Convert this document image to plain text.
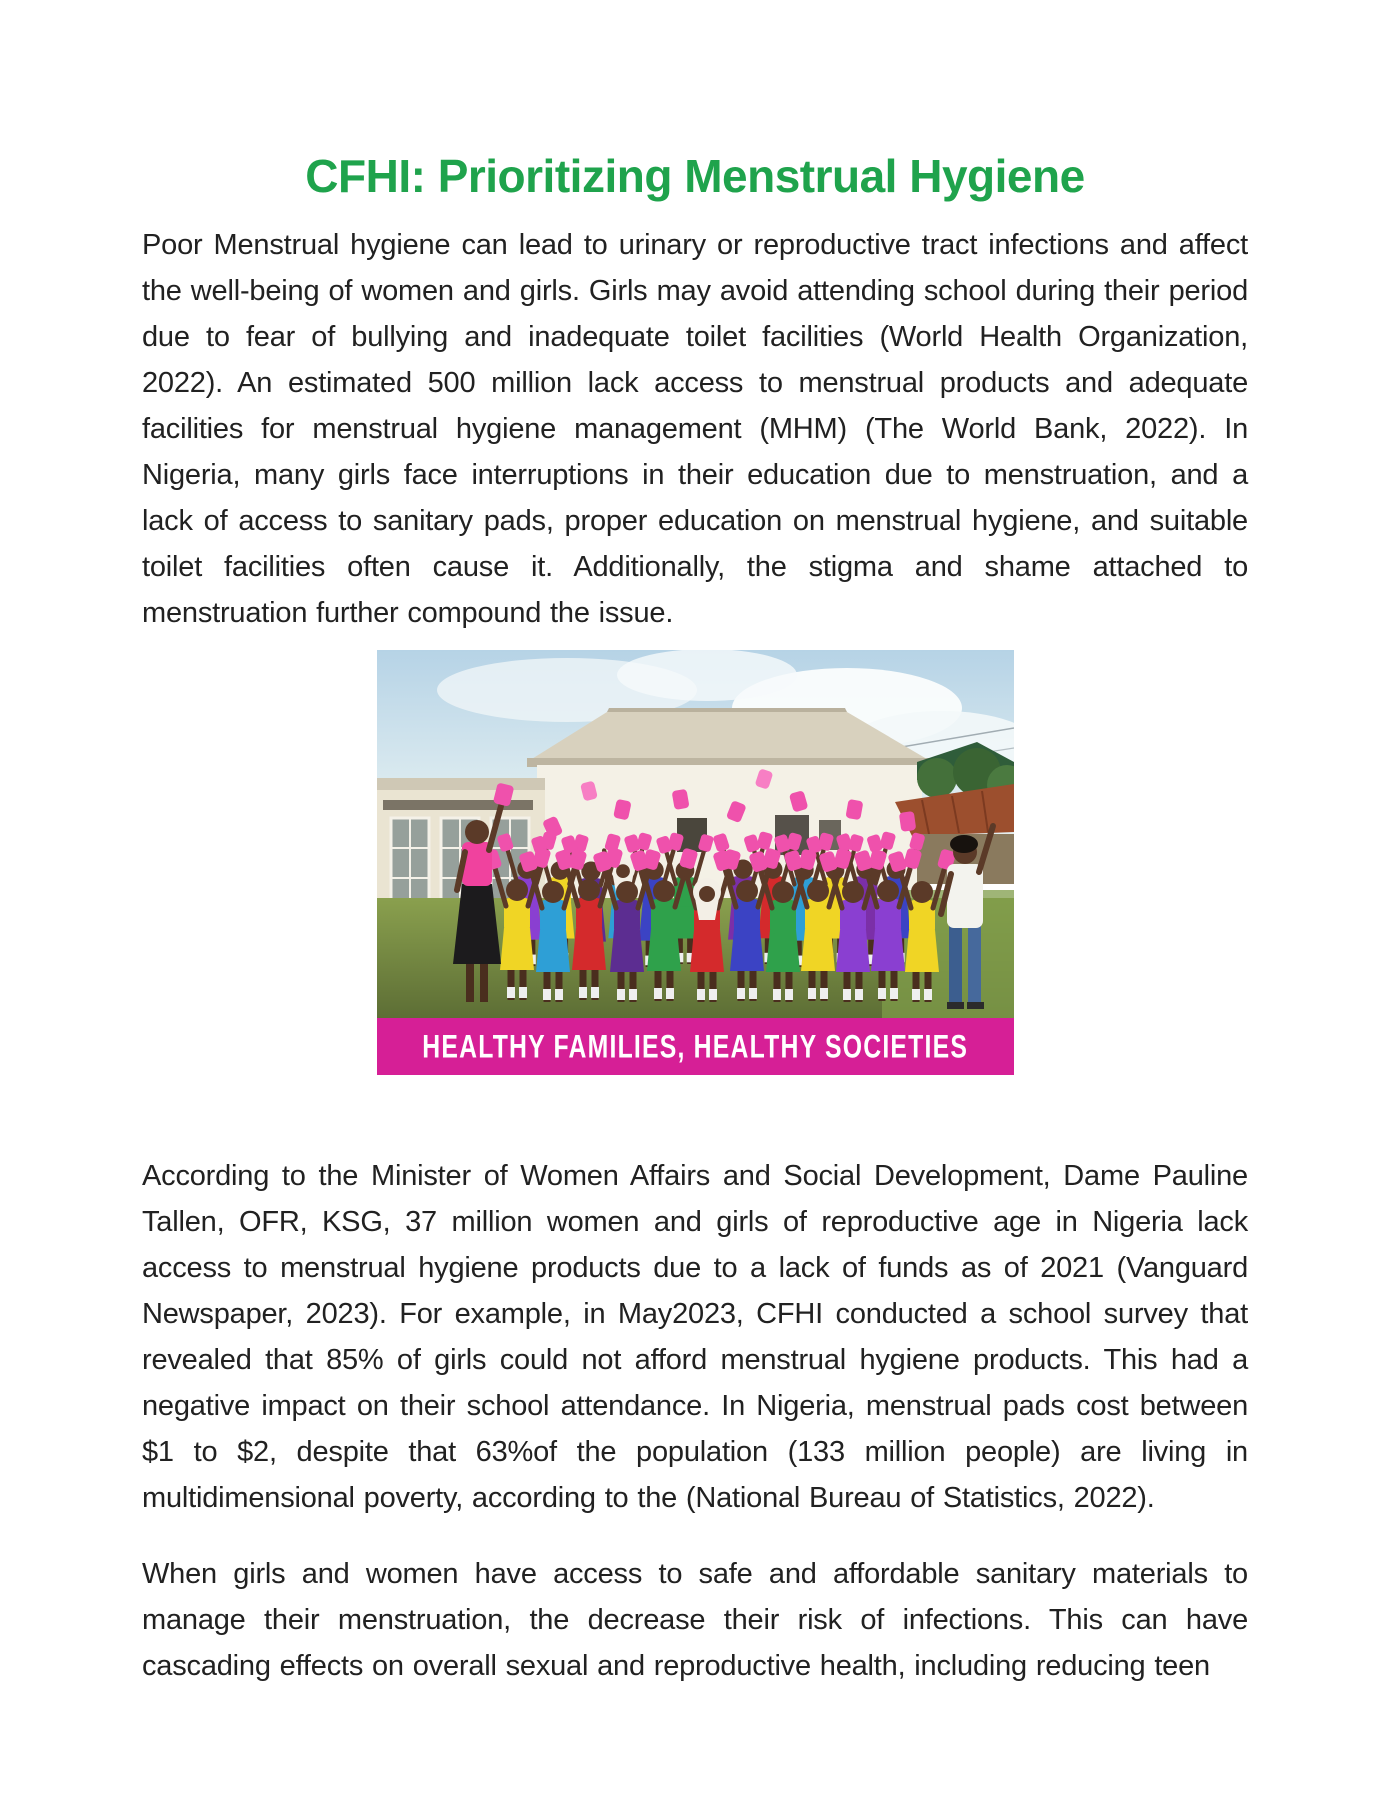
CFHI: Prioritizing Menstrual Hygiene

Poor Menstrual hygiene can lead to urinary or reproductive tract infections and affect the well-being of women and girls. Girls may avoid attending school during their period due to fear of bullying and inadequate toilet facilities (World Health Organization, 2022). An estimated 500 million lack access to menstrual products and adequate facilities for menstrual hygiene management (MHM) (The World Bank, 2022). In Nigeria, many girls face interruptions in their education due to menstruation, and a lack of access to sanitary pads, proper education on menstrual hygiene, and suitable toilet facilities often cause it. Additionally, the stigma and shame attached to menstruation further compound the issue.

HEALTHY FAMILIES, HEALTHY SOCIETIES

According to the Minister of Women Affairs and Social Development, Dame Pauline Tallen, OFR, KSG, 37 million women and girls of reproductive age in Nigeria lack access to menstrual hygiene products due to a lack of funds as of 2021 (Vanguard Newspaper, 2023). For example, in May2023, CFHI conducted a school survey that revealed that 85% of girls could not afford menstrual hygiene products. This had a negative impact on their school attendance. In Nigeria, menstrual pads cost between $1 to $2, despite that 63%of the population (133 million people) are living in multidimensional poverty, according to the (National Bureau of Statistics, 2022).

When girls and women have access to safe and affordable sanitary materials to manage their menstruation, the decrease their risk of infections. This can have cascading effects on overall sexual and reproductive health, including reducing teen
